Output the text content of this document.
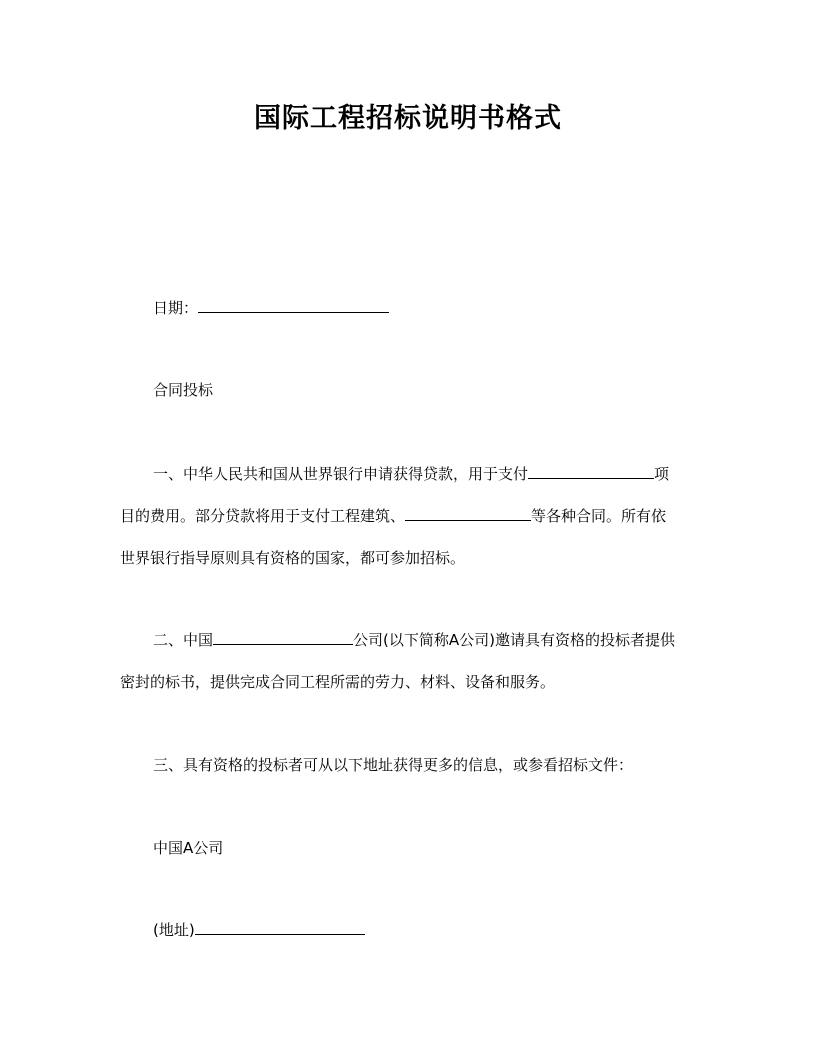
国际工程招标说明书格式
日期：
合同投标
一、中华人民共和国从世界银行申请获得贷款，用于支付	项
目的费用。部分贷款将用于支付工程建筑、	等各种合同。所有依
世界银行指导原则具有资格的国家，都可参加招标。
二、中国	公司(以下简称A公司)邀请具有资格的投标者提供
密封的标书，提供完成合同工程所需的劳力、材料、设备和服务。
三、具有资格的投标者可从以下地址获得更多的信息，或参看招标文件：
中国A公司
(地址)
